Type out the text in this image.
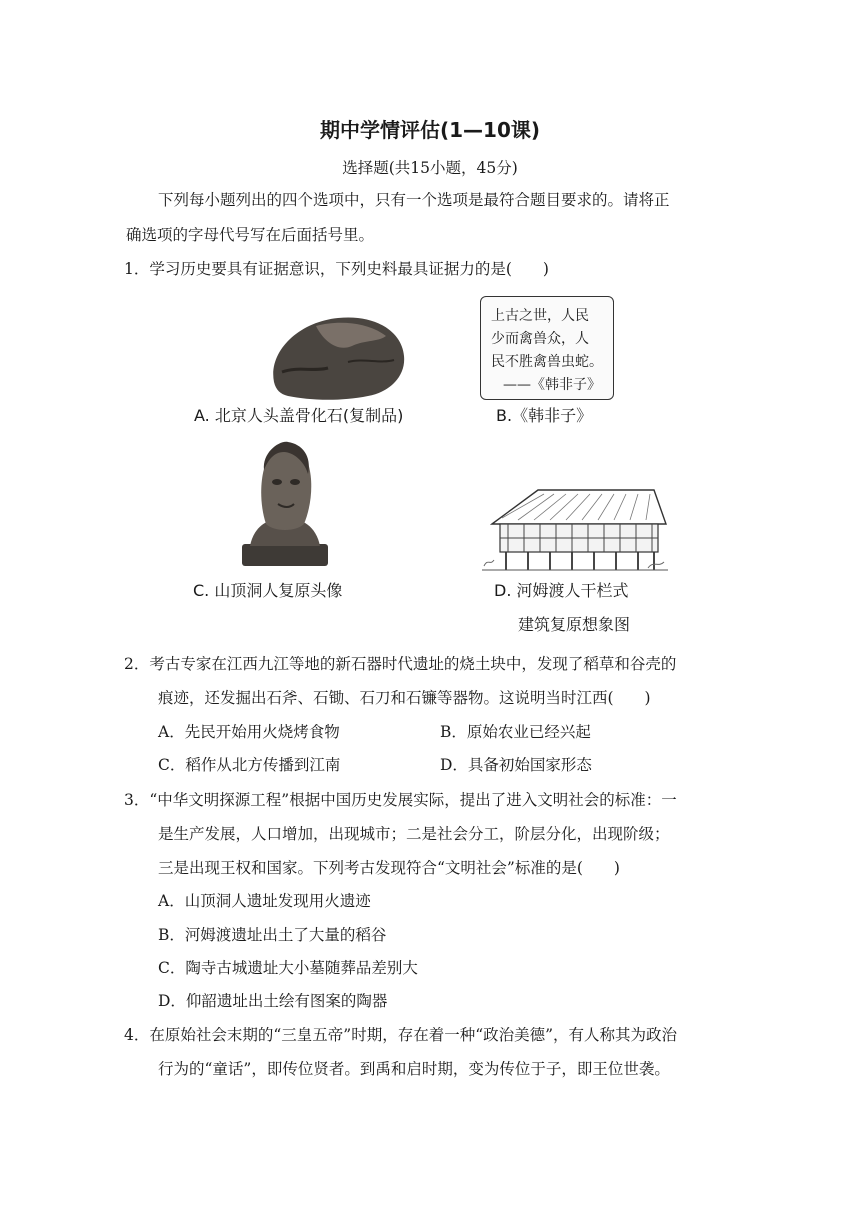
期中学情评估(1—10课)
选择题(共15小题，45分)
下列每小题列出的四个选项中，只有一个选项是最符合题目要求的。请将正
确选项的字母代号写在后面括号里。
1．学习历史要具有证据意识，下列史料最具证据力的是(　　)
A. 北京人头盖骨化石(复制品)
上古之世，人民
少而禽兽众，人
民不胜禽兽虫蛇。
——《韩非子》
B.《韩非子》
C. 山顶洞人复原头像	D. 河姆渡人干栏式
建筑复原想象图
2．考古专家在江西九江等地的新石器时代遗址的烧土块中，发现了稻草和谷壳的
痕迹，还发掘出石斧、石锄、石刀和石镰等器物。这说明当时江西(　　)
A．先民开始用火烧烤食物	B．原始农业已经兴起
C．稻作从北方传播到江南	D．具备初始国家形态
3．“中华文明探源工程”根据中国历史发展实际，提出了进入文明社会的标准：一
是生产发展，人口增加，出现城市；二是社会分工，阶层分化，出现阶级；
三是出现王权和国家。下列考古发现符合“文明社会”标准的是(　　)
A．山顶洞人遗址发现用火遗迹
B．河姆渡遗址出土了大量的稻谷
C．陶寺古城遗址大小墓随葬品差别大
D．仰韶遗址出土绘有图案的陶器
4．在原始社会末期的“三皇五帝”时期，存在着一种“政治美德”，有人称其为政治
行为的“童话”，即传位贤者。到禹和启时期，变为传位于子，即王位世袭。
